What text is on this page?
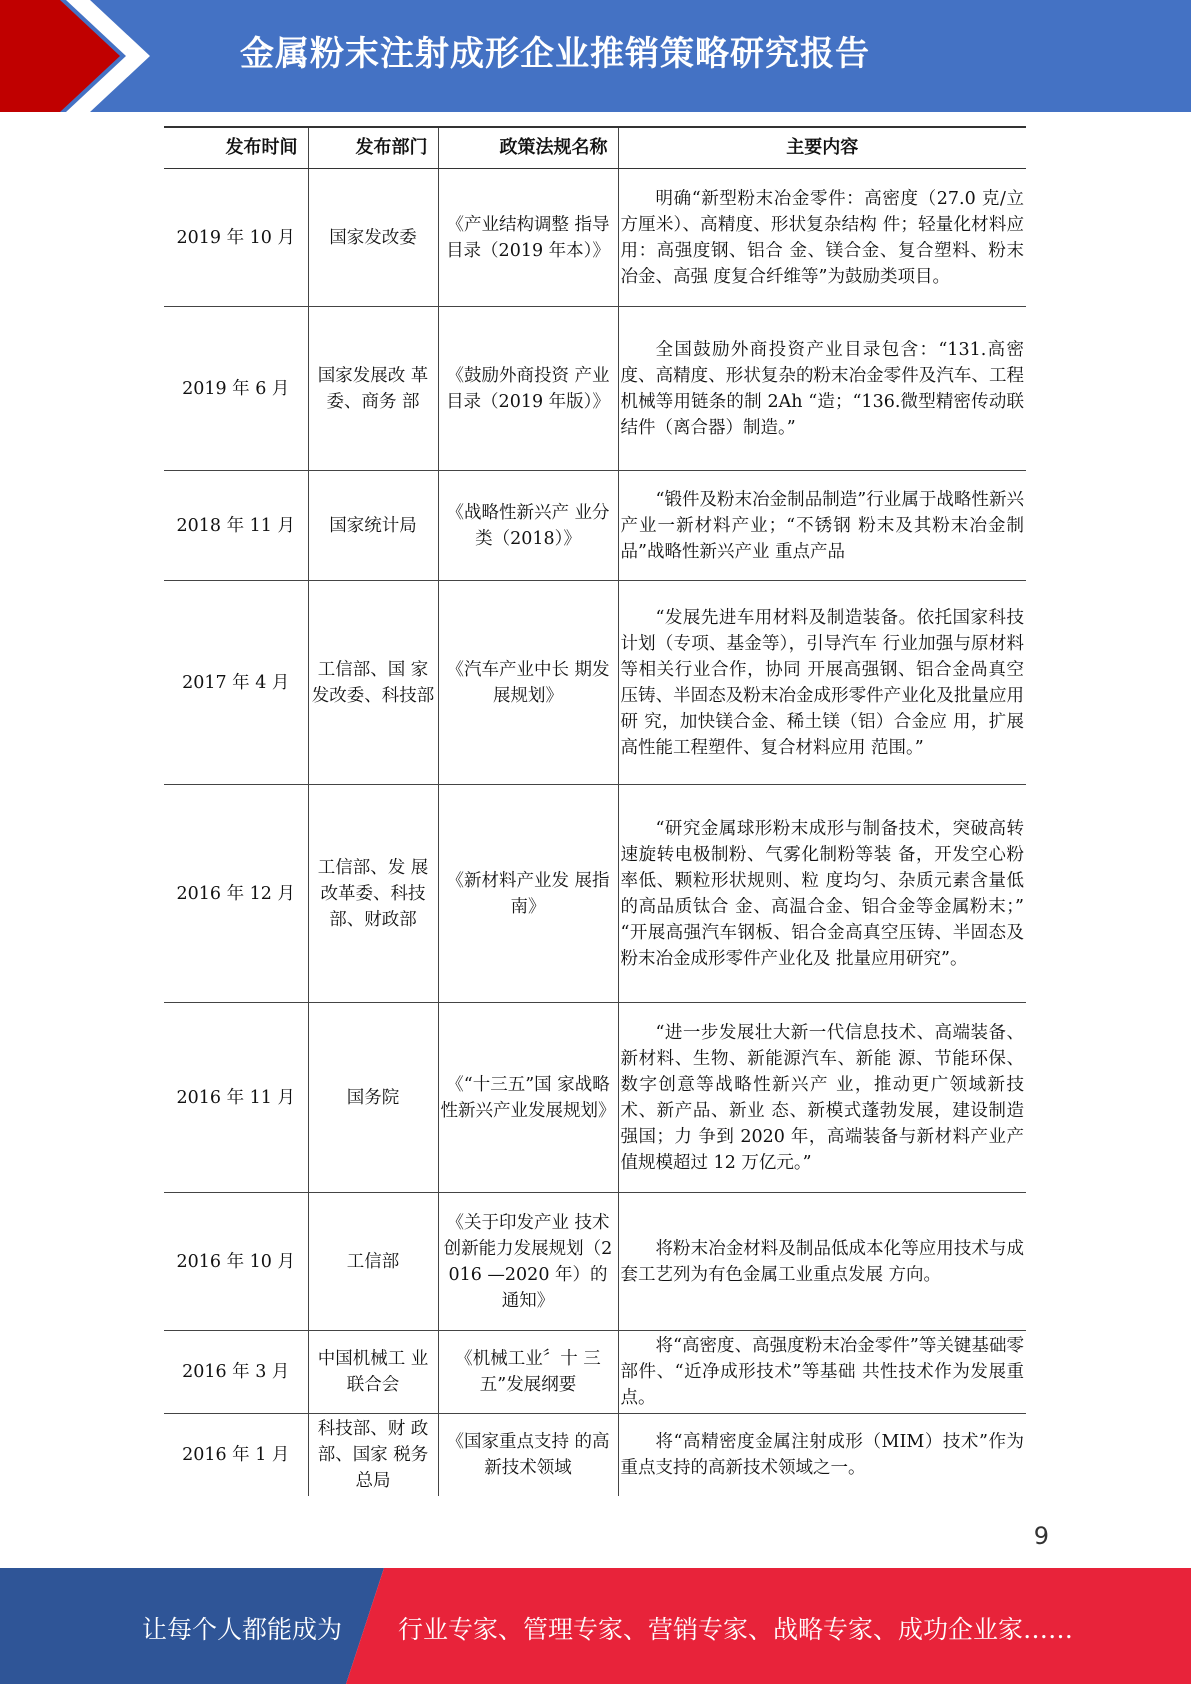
金属粉末注射成形企业推销策略研究报告
发布时间	发布部门	政策法规名称	主要内容
2019 年 10 月	国家发改委	《产业结构调整 指导目录（2019 年本）》	明确“新型粉末冶金零件：高密度（27.0 克/立方厘米）、高精度、形状复杂结构 件；轻量化材料应用：高强度钢、铝合 金、镁合金、复合塑料、粉末冶金、高强 度复合纤维等”为鼓励类项目。
2019 年 6 月	国家发展改 革委、商务 部	《鼓励外商投资 产业目录（2019 年版）》	全国鼓励外商投资产业目录包含：“131.高密度、高精度、形状复杂的粉末冶金零件及汽车、工程机械等用链条的制 2Ah “造；“136.微型精密传动联结件（离合器）制造。”
2018 年 11 月	国家统计局	《战略性新兴产 业分类（2018）》	“锻件及粉末冶金制品制造”行业属于战略性新兴产业一新材料产业；“不锈钢 粉末及其粉末冶金制品”战略性新兴产业 重点产品
2017 年 4 月	工信部、国 家发改委、科技部	《汽车产业中长 期发展规划》	“发展先进车用材料及制造装备。依托国家科技计划（专项、基金等），引导汽车 行业加强与原材料等相关行业合作，协同 开展高强钢、铝合金咼真空压铸、半固态及粉末冶金成形零件产业化及批量应用研 究，加快镁合金、稀土镁（铝）合金应 用，扩展高性能工程塑件、复合材料应用 范围。”
2016 年 12 月	工信部、发 展改革委、科技部、财政部	《新材料产业发 展指南》	“研究金属球形粉末成形与制备技术，突破高转速旋转电极制粉、气雾化制粉等装 备，开发空心粉率低、颗粒形状规则、粒 度均匀、杂质元素含量低的高品质钛合 金、高温合金、铝合金等金属粉末；” “开展高强汽车钢板、铝合金高真空压铸、半固态及粉末冶金成形零件产业化及 批量应用研究”。
2016 年 11 月	国务院	《“十三五”国 家战略性新兴产业发展规划》	“进一步发展壮大新一代信息技术、高端装备、新材料、生物、新能源汽车、新能 源、节能环保、数字创意等战略性新兴产 业，推动更广领域新技术、新产品、新业 态、新模式蓬勃发展，建设制造强国；力 争到 2020 年，高端装备与新材料产业产 值规模超过 12 万亿元。”
2016 年 10 月	工信部	《关于印发产业 技术创新能力发展规划（2016 —2020 年）的通知》	将粉末冶金材料及制品低成本化等应用技术与成套工艺列为有色金属工业重点发展 方向。
2016 年 3 月	中国机械工 业联合会	《机械工业〞十 三五”发展纲要	将“高密度、高强度粉末冶金零件”等关键基础零部件、“近净成形技术”等基础 共性技术作为发展重点。
2016 年 1 月	科技部、财 政部、国家 税务总局	《国家重点支持 的高新技术领域	将“高精密度金属注射成形（MIM）技术”作为重点支持的高新技术领域之一。
9
让每个人都能成为 行业专家、管理专家、营销专家、战略专家、成功企业家……
